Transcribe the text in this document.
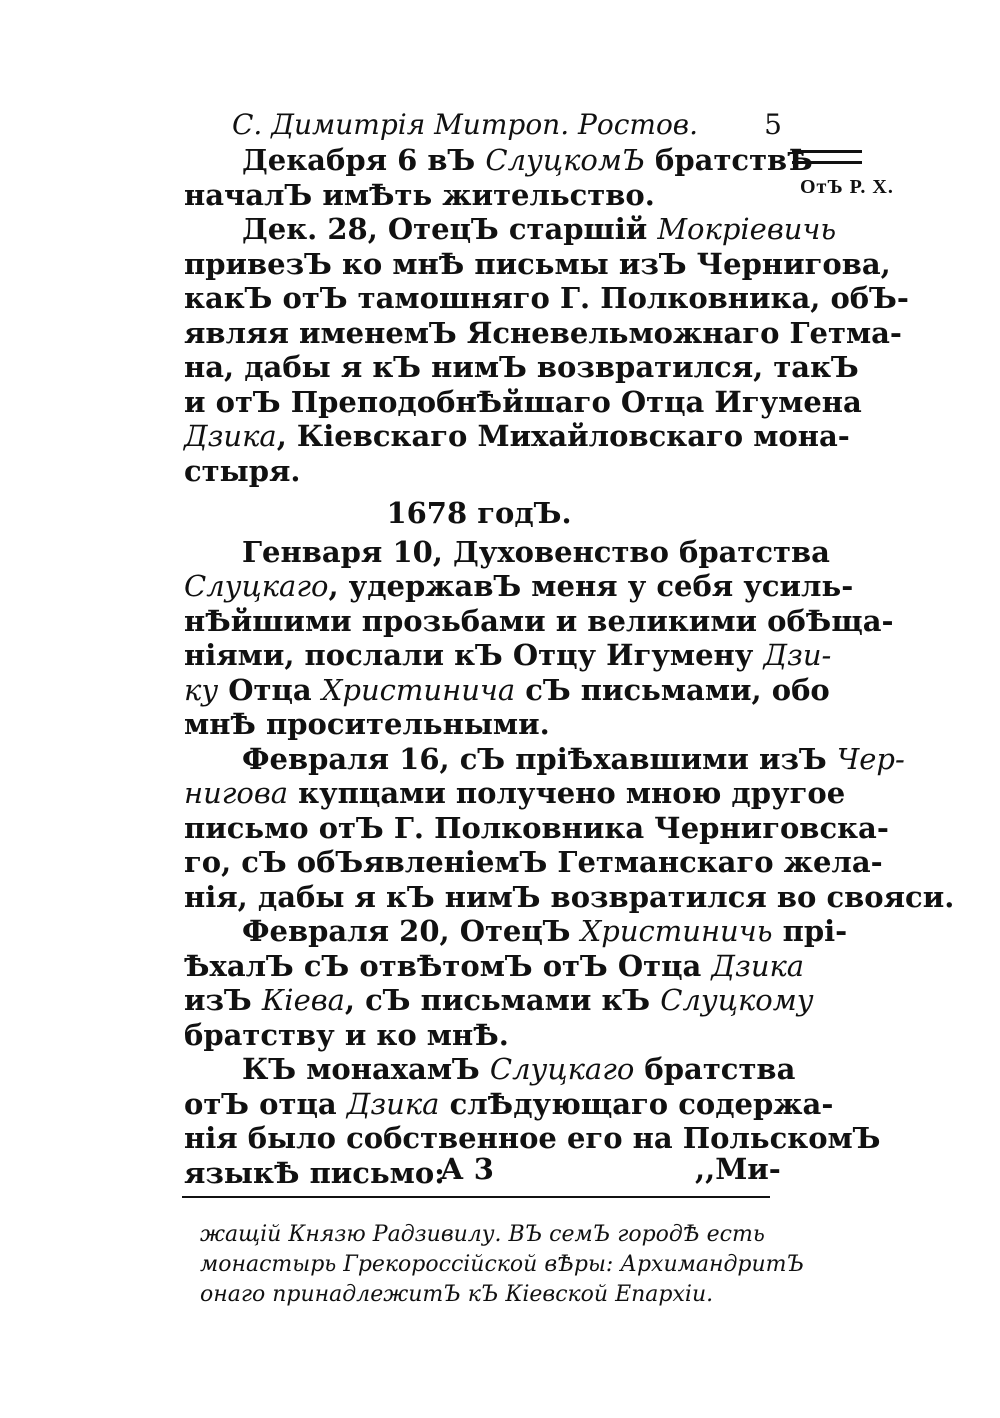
С. Димитрія Митроп. Ростов. 5
ОтЪ Р. Х.
Декабря 6 вЪ СлуцкомЪ братствѢ
началЪ имѢть жительство.
Дек. 28, ОтецЪ старшій Мокріевичь
привезЪ ко мнѢ письмы изЪ Чернигова,
какЪ отЪ тамошняго Г. Полковника, обЪ-
являя именемЪ Ясневельможнаго Гетма-
на, дабы я кЪ нимЪ возвратился, такЪ
и отЪ ПреподобнѢйшаго Отца Игумена
Дзика, Кіевскаго Михайловскаго мона-
стыря.
1678 годЪ.
Генваря 10, Духовенство братства
Слуцкаго, удержавЪ меня у себя усиль-
нѢйшими прозьбами и великими обѢща-
ніями, послали кЪ Отцу Игумену Дзи-
ку Отца Христинича сЪ письмами, обо
мнѢ просительными.
Февраля 16, сЪ пріѢхавшими изЪ Чер-
нигова купцами получено мною другое
письмо отЪ Г. Полковника Черниговска-
го, сЪ обЪявленіемЪ Гетманскаго жела-
нія, дабы я кЪ нимЪ возвратился во свояси.
Февраля 20, ОтецЪ Христиничь прі-
ѢхалЪ сЪ отвѢтомЪ отЪ Отца Дзика
изЪ Кіева, сЪ письмами кЪ Слуцкому
братству и ко мнѢ.
КЪ монахамЪ Слуцкаго братства
отЪ отца Дзика слѢдующаго содержа-
нія было собственное его на ПольскомЪ
языкѢ письмо:
А 3	,,Ми-
жащій Князю Радзивилу. ВЪ семЪ городѢ есть
монастырь Грекороссійской вѢры: АрхимандритЪ
онаго принадлежитЪ кЪ Кіевской Епархіи.
